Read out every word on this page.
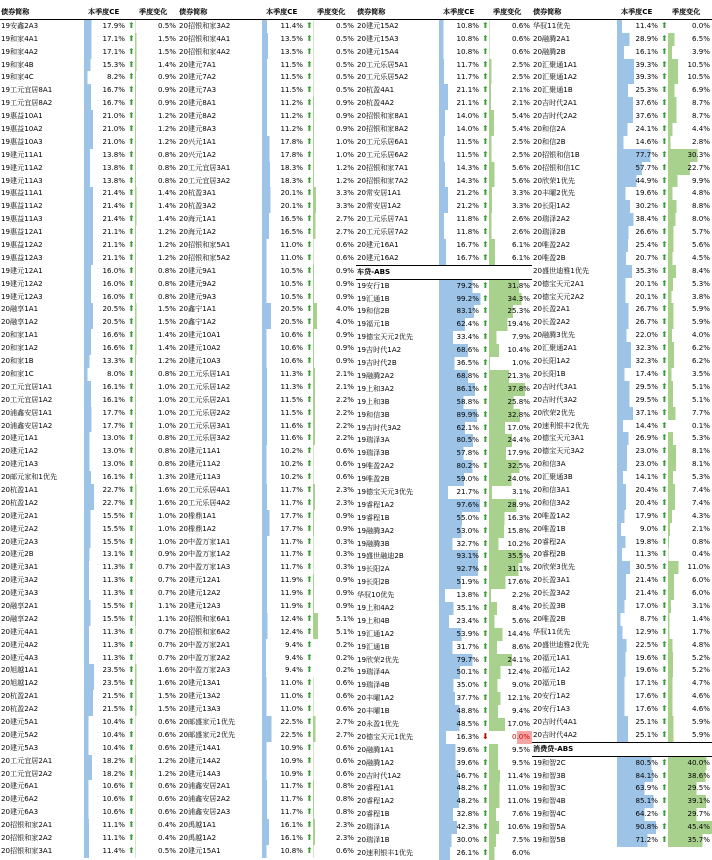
债券简称	本季度CE	季度变化
19安鑫2A3	17.9% ⬆	0.5%
19和家4A1	17.1% ⬆	1.5%
19和家4A2	17.1% ⬆	1.5%
19和家4B	15.3% ⬆	1.4%
19和家4C	8.2% ⬆	0.9%
19工元宜居8A1	16.7% ⬆	0.9%
19工元宜居8A2	16.7% ⬆	0.9%
19惠益10A1	21.0% ⬆	1.2%
19惠益10A2	21.0% ⬆	1.2%
19惠益10A3	21.0% ⬆	1.2%
19建元11A1	13.8% ⬆	0.8%
19建元11A2	13.8% ⬆	0.8%
19建元11A3	13.8% ⬆	0.8%
19惠益11A1	21.4% ⬆	1.4%
19惠益11A2	21.4% ⬆	1.4%
19惠益11A3	21.4% ⬆	1.4%
19惠益12A1	21.1% ⬆	1.2%
19惠益12A2	21.1% ⬆	1.2%
19惠益12A3	21.1% ⬆	1.2%
19建元12A1	16.0% ⬆	0.8%
19建元12A2	16.0% ⬆	0.8%
19建元12A3	16.0% ⬆	0.8%
20融享1A1	20.5% ⬆	1.5%
20融享1A2	20.5% ⬆	1.5%
20和家1A1	16.6% ⬆	1.4%
20和家1A2	16.6% ⬆	1.4%
20和家1B	13.3% ⬆	1.2%
20和家1C	8.0% ⬆	0.8%
20工元宜居1A1	16.1% ⬆	1.0%
20工元宜居1A2	16.1% ⬆	1.0%
20浦鑫安居1A1	17.7% ⬆	1.0%
20浦鑫安居1A2	17.7% ⬆	1.0%
20建元1A1	13.0% ⬆	0.8%
20建元1A2	13.0% ⬆	0.8%
20建元1A3	13.0% ⬆	0.8%
20邮元家和1优先	16.1% ⬆	1.3%
20杭盈1A1	22.7% ⬆	1.6%
20杭盈1A2	22.7% ⬆	1.6%
20建元2A1	15.5% ⬆	1.0%
20建元2A2	15.5% ⬆	1.0%
20建元2A3	15.5% ⬆	1.0%
20建元2B	13.1% ⬆	0.9%
20建元3A1	11.3% ⬆	0.7%
20建元3A2	11.3% ⬆	0.7%
20建元3A3	11.3% ⬆	0.7%
20融享2A1	15.5% ⬆	1.1%
20融享2A2	15.5% ⬆	1.1%
20建元4A1	11.3% ⬆	0.7%
20建元4A2	11.3% ⬆	0.7%
20建元4A3	11.3% ⬆	0.7%
20旭越1A1	23.5% ⬆	1.6%
20旭越1A2	23.5% ⬆	1.6%
20杭盈2A1	21.5% ⬆	1.5%
20杭盈2A2	21.5% ⬆	1.5%
20建元5A1	10.4% ⬆	0.6%
20建元5A2	10.4% ⬆	0.6%
20建元5A3	10.4% ⬆	0.6%
20工元宜居2A1	18.2% ⬆	1.2%
20工元宜居2A2	18.2% ⬆	1.2%
20建元6A1	10.6% ⬆	0.6%
20建元6A2	10.6% ⬆	0.6%
20建元6A3	10.6% ⬆	0.6%
20招银和家2A1	11.1% ⬆	0.4%
20招银和家2A2	11.1% ⬆	0.4%
20招银和家3A1	11.4% ⬆	0.5%
债券简称	本季度CE	季度变化
20招银和家3A2	11.4% ⬆	0.5%
20招银和家4A1	13.5% ⬆	0.5%
20招银和家4A2	13.5% ⬆	0.5%
20建元7A1	11.5% ⬆	0.5%
20建元7A2	11.5% ⬆	0.5%
20建元7A3	11.5% ⬆	0.5%
20建元8A1	11.2% ⬆	0.9%
20建元8A2	11.2% ⬆	0.9%
20建元8A3	11.2% ⬆	0.9%
20兴元1A1	17.8% ⬆	1.0%
20兴元1A2	17.8% ⬆	1.0%
20工元宜居3A1	18.3% ⬆	1.2%
20工元宜居3A2	18.3% ⬆	1.2%
20杭盈3A1	20.1% ⬆	3.3%
20杭盈3A2	20.1% ⬆	3.3%
20海元1A1	16.5% ⬆	2.7%
20海元1A2	16.5% ⬆	2.7%
20招银和家5A1	11.0% ⬆	0.6%
20招银和家5A2	11.0% ⬆	0.6%
20建元9A1	10.5% ⬆	0.9%
20建元9A2	10.5% ⬆	0.9%
20建元9A3	10.5% ⬆	0.9%
20鑫宁1A1	20.5% ⬆	4.0%
20鑫宁1A2	20.5% ⬆	4.0%
20建元10A1	10.6% ⬆	0.9%
20建元10A2	10.6% ⬆	0.9%
20建元10A3	10.6% ⬆	0.9%
20工元乐居1A1	11.3% ⬆	2.1%
20工元乐居1A2	11.3% ⬆	2.1%
20工元乐居2A1	11.5% ⬆	2.2%
20工元乐居2A2	11.5% ⬆	2.2%
20工元乐居3A1	11.6% ⬆	2.2%
20工元乐居3A2	11.6% ⬆	2.2%
20建元11A1	10.2% ⬆	0.6%
20建元11A2	10.2% ⬆	0.6%
20建元11A3	10.2% ⬆	0.6%
20工元乐居4A1	11.7% ⬆	2.3%
20工元乐居4A2	11.7% ⬆	2.3%
20橡鼎1A1	17.7% ⬆	0.9%
20橡鼎1A2	17.7% ⬆	0.9%
20中盈万家1A1	11.7% ⬆	0.3%
20中盈万家1A2	11.7% ⬆	0.3%
20中盈万家1A3	11.7% ⬆	0.3%
20建元12A1	11.9% ⬆	0.9%
20建元12A2	11.9% ⬆	0.9%
20建元12A3	11.9% ⬆	0.9%
20招银和家6A1	12.4% ⬆	5.1%
20招银和家6A2	12.4% ⬆	5.1%
20中盈万家2A1	9.4% ⬆	0.2%
20中盈万家2A2	9.4% ⬆	0.2%
20中盈万家2A3	9.4% ⬆	0.2%
20建元13A1	11.0% ⬆	0.6%
20建元13A2	11.0% ⬆	0.6%
20建元13A3	11.0% ⬆	0.6%
20邮盛家元1优先	22.5% ⬆	2.7%
20邮盛家元2优先	22.5% ⬆	2.7%
20建元14A1	10.9% ⬆	0.6%
20建元14A2	10.9% ⬆	0.6%
20建元14A3	10.9% ⬆	0.6%
20浦鑫安居2A1	11.7% ⬆	0.8%
20浦鑫安居2A2	11.7% ⬆	0.8%
20浦鑫安居2A3	11.7% ⬆	0.8%
20禹越1A1	16.1% ⬆	2.3%
20禹越1A2	16.1% ⬆	2.3%
20建元15A1	10.8% ⬆	0.6%
债券简称	本季度CE	季度变化
20建元15A2	10.8% ⬆	0.6%
20建元15A3	10.8% ⬆	0.6%
20建元15A4	10.8% ⬆	0.6%
20工元乐居5A1	11.7% ⬆	2.5%
20工元乐居5A2	11.7% ⬆	2.5%
20杭盈4A1	21.1% ⬆	2.1%
20杭盈4A2	21.1% ⬆	2.1%
20招银和家8A1	14.0% ⬆	5.4%
20招银和家8A2	14.0% ⬆	5.4%
20工元乐居6A1	11.5% ⬆	2.5%
20工元乐居6A2	11.5% ⬆	2.5%
20招银和家7A1	14.3% ⬆	5.6%
20招银和家7A2	14.3% ⬆	5.6%
20常安居1A1	21.2% ⬆	3.3%
20常安居1A2	21.2% ⬆	3.3%
20工元乐居7A1	11.8% ⬆	2.6%
20工元乐居7A2	11.8% ⬆	2.6%
20建元16A1	16.7% ⬆	6.1%
20建元16A2	16.7% ⬆	6.1%
车贷-ABS
19安行1B	79.2% ⬆	31.8%
19汇通1B	99.2% ⬆	34.3%
19和信2B	83.1% ⬆	25.3%
19福元1B	62.4% ⬆	19.4%
19德宝天元2优先	33.4% ⬆	7.9%
19吉时代1A2	68.6% ⬆	10.4%
19吉时代2B	36.5% ⬆	1.0%
19融腾2A2	68.8% ⬆	21.3%
19上和3A2	86.1% ⬆	37.8%
19上和3B	58.8% ⬆	25.8%
19和信3B	89.9% ⬆	32.8%
19吉时代3A2	62.1% ⬆	17.0%
19瑞泽3A	80.5% ⬆	24.4%
19瑞泽3B	57.8% ⬆	17.9%
19唯盈2A2	80.2% ⬆	32.5%
19唯盈2B	59.0% ⬆	24.0%
19德宝天元3优先	21.7% ⬆	3.1%
19睿程1A2	97.6% ⬆	28.9%
19睿程1B	55.0% ⬆	16.3%
19融腾3A2	53.0% ⬆	15.8%
19融腾3B	32.7% ⬆	10.2%
19盛世融迪2B	93.1% ⬆	35.5%
19长阳2A	92.7% ⬆	31.1%
19长阳2B	51.9% ⬆	17.6%
华驭10优先	13.8% ⬆	2.2%
19上和4A2	35.1% ⬆	8.4%
19上和4B	23.4% ⬆	5.6%
19汇通1A2	53.9% ⬆	14.4%
19汇通1B	31.7% ⬆	8.6%
19欣荣2优先	79.7% ⬆	24.1%
19瑞泽4A	50.1% ⬆	12.4%
19瑞泽4B	35.0% ⬆	9.0%
20丰曜1A2	37.7% ⬆	12.1%
20丰曜1B	48.8% ⬆	9.4%
20永盈1优先	48.5% ⬆	17.0%
20德宝天元1优先	16.3% ⬇	0.0%
20融腾1A1	39.6% ⬆	9.5%
20融腾1A2	39.6% ⬆	9.5%
20吉时代1A2	46.7% ⬆	11.4%
20睿程1A1	48.2% ⬆	11.0%
20睿程1A2	48.2% ⬆	11.0%
20睿程1B	32.8% ⬆	7.6%
20瑞泽1A	42.3% ⬆	10.6%
20瑞泽1B	30.0% ⬆	7.5%
20速利银丰1优先	26.1% ⬆	6.0%
债券简称	本季度CE	季度变化
华驭11优先	11.4% ⬆	0.0%
20融腾2A1	28.9% ⬆	6.5%
20融腾2B	16.1% ⬆	3.9%
20汇聚通1A1	39.3% ⬆	10.5%
20汇聚通1A2	39.3% ⬆	10.5%
20汇聚通1B	25.3% ⬆	6.9%
20吉时代2A1	37.6% ⬆	8.7%
20吉时代2A2	37.6% ⬆	8.7%
20和信2A	24.1% ⬆	4.4%
20和信2B	14.6% ⬆	2.8%
20招银和信1B	77.7% ⬆	30.3%
20招银和信1C	57.7% ⬆	22.7%
20欣荣1优先	44.9% ⬆	9.9%
20丰曜2优先	19.6% ⬆	4.8%
20长阳1A2	30.2% ⬆	8.8%
20瑞泽2A2	38.4% ⬆	8.0%
20瑞泽2B	26.6% ⬆	5.7%
20唯盈2A2	25.4% ⬆	5.6%
20唯盈2B	20.7% ⬆	4.5%
20盛世迪雅1优先	35.3% ⬆	8.4%
20德宝天元2A1	20.1% ⬆	5.3%
20德宝天元2A2	20.1% ⬆	3.8%
20长盈2A1	26.7% ⬆	5.9%
20长盈2A2	26.7% ⬆	5.9%
20融腾3优先	22.0% ⬆	4.0%
20汇聚通2A1	32.3% ⬆	6.2%
20长阳1A2	32.3% ⬆	6.2%
20长阳1B	17.4% ⬆	3.5%
20吉时代3A1	29.5% ⬆	5.1%
20吉时代3A2	29.5% ⬆	5.1%
20欣荣2优先	37.1% ⬆	7.7%
20速利银丰2优先	14.4% ⬆	0.1%
20德宝天元3A1	26.9% ⬆	5.3%
20德宝天元3A2	23.0% ⬆	8.1%
20和信3A	23.0% ⬆	8.1%
20汇聚通3B	14.1% ⬆	5.3%
20和信3A1	20.4% ⬆	7.4%
20和信3A2	20.4% ⬆	7.4%
20唯盈1A2	17.9% ⬆	4.3%
20唯盈1B	9.0% ⬆	2.1%
20睿程2A	19.8% ⬆	0.8%
20睿程2B	11.3% ⬆	0.4%
20欣荣3优先	30.5% ⬆	11.0%
20长盈3A1	21.4% ⬆	6.0%
20长盈3A2	21.4% ⬆	6.0%
20长盈3B	17.0% ⬆	3.1%
20唯盈2B	8.7% ⬆	1.4%
华驭11优先	12.9% ⬆	1.7%
20盛世迪雅2优先	22.5% ⬆	4.8%
20福元1A1	19.6% ⬆	5.2%
20福元1A2	19.6% ⬆	5.2%
20福元1B	17.1% ⬆	4.7%
20安行1A2	17.6% ⬆	4.6%
20安行1A3	17.6% ⬆	4.6%
20吉时代4A1	25.1% ⬆	5.9%
20吉时代4A2	25.1% ⬆	5.9%
消费贷-ABS
19和智2C	80.5% ⬆	40.0%
19和智3B	84.1% ⬆	38.6%
19和智3C	63.9% ⬆	29.5%
19和智4B	85.1% ⬆	39.1%
19和智4C	64.2% ⬆	29.7%
19和智5A	90.8% ⬆	45.4%
19和智5B	71.2% ⬆	35.7%
